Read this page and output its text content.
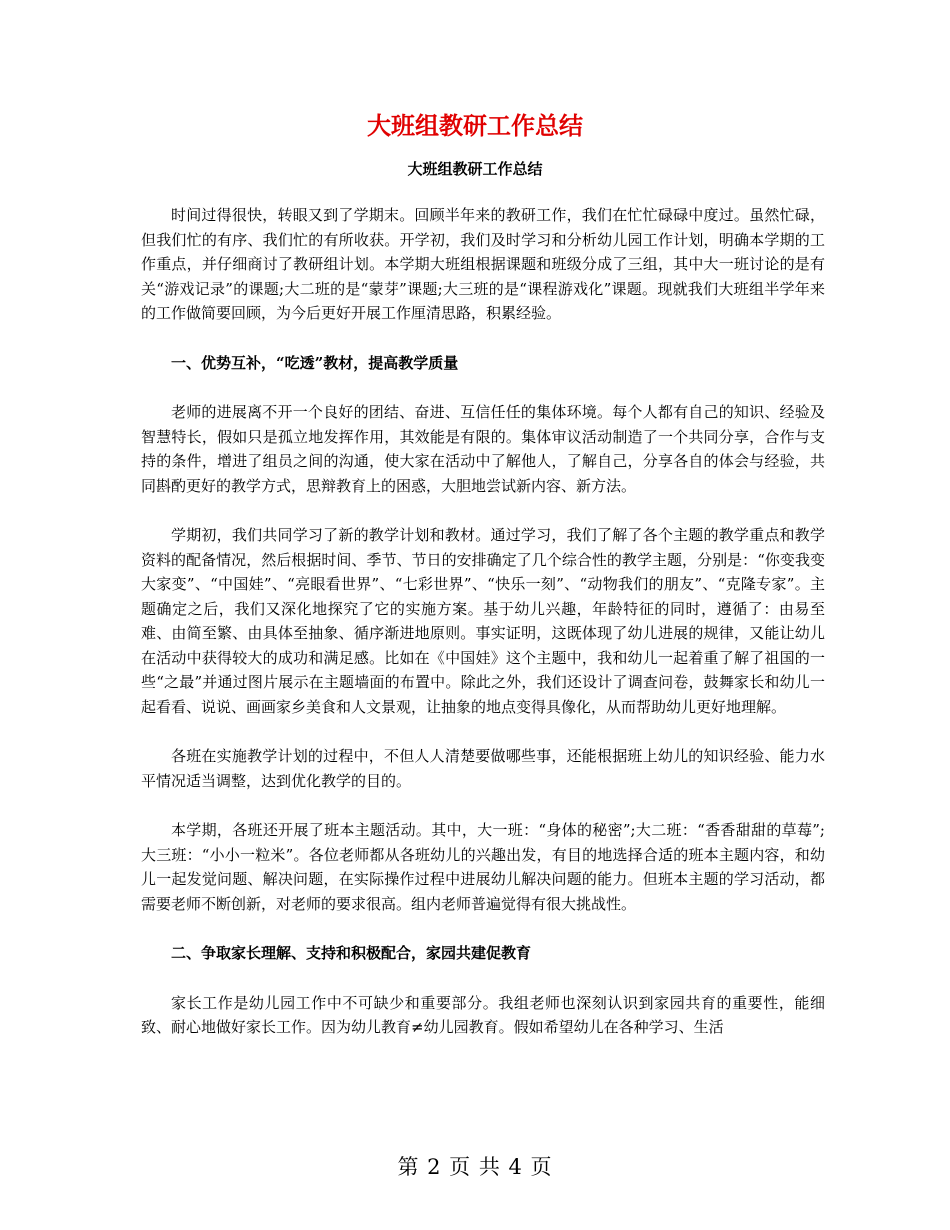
大班组教研工作总结
大班组教研工作总结

时间过得很快，转眼又到了学期末。回顾半年来的教研工作，我们在忙忙碌碌中度过。虽然忙碌，但我们忙的有序、我们忙的有所收获。开学初，我们及时学习和分析幼儿园工作计划，明确本学期的工作重点，并仔细商讨了教研组计划。本学期大班组根据课题和班级分成了三组，其中大一班讨论的是有关“游戏记录”的课题;大二班的是“蒙芽”课题;大三班的是“课程游戏化”课题。现就我们大班组半学年来的工作做简要回顾，为今后更好开展工作厘清思路，积累经验。

一、优势互补，“吃透”教材，提高教学质量

老师的进展离不开一个良好的团结、奋进、互信任任的集体环境。每个人都有自己的知识、经验及智慧特长，假如只是孤立地发挥作用，其效能是有限的。集体审议活动制造了一个共同分享，合作与支持的条件，增进了组员之间的沟通，使大家在活动中了解他人，了解自己，分享各自的体会与经验，共同斟酌更好的教学方式，思辩教育上的困惑，大胆地尝试新内容、新方法。

学期初，我们共同学习了新的教学计划和教材。通过学习，我们了解了各个主题的教学重点和教学资料的配备情况，然后根据时间、季节、节日的安排确定了几个综合性的教学主题，分别是：“你变我变大家变”、“中国娃”、“亮眼看世界”、“七彩世界”、“快乐一刻”、“动物我们的朋友”、“克隆专家”。主题确定之后，我们又深化地探究了它的实施方案。基于幼儿兴趣，年龄特征的同时，遵循了：由易至难、由简至繁、由具体至抽象、循序渐进地原则。事实证明，这既体现了幼儿进展的规律，又能让幼儿在活动中获得较大的成功和满足感。比如在《中国娃》这个主题中，我和幼儿一起着重了解了祖国的一些“之最”并通过图片展示在主题墙面的布置中。除此之外，我们还设计了调查问卷，鼓舞家长和幼儿一起看看、说说、画画家乡美食和人文景观，让抽象的地点变得具像化，从而帮助幼儿更好地理解。

各班在实施教学计划的过程中，不但人人清楚要做哪些事，还能根据班上幼儿的知识经验、能力水平情况适当调整，达到优化教学的目的。

本学期，各班还开展了班本主题活动。其中，大一班：“身体的秘密”;大二班：“香香甜甜的草莓”;大三班：“小小一粒米”。各位老师都从各班幼儿的兴趣出发，有目的地选择合适的班本主题内容，和幼儿一起发觉问题、解决问题，在实际操作过程中进展幼儿解决问题的能力。但班本主题的学习活动，都需要老师不断创新，对老师的要求很高。组内老师普遍觉得有很大挑战性。

二、争取家长理解、支持和积极配合，家园共建促教育

家长工作是幼儿园工作中不可缺少和重要部分。我组老师也深刻认识到家园共育的重要性，能细致、耐心地做好家长工作。因为幼儿教育≠幼儿园教育。假如希望幼儿在各种学习、生活

第 2 页 共 4 页
